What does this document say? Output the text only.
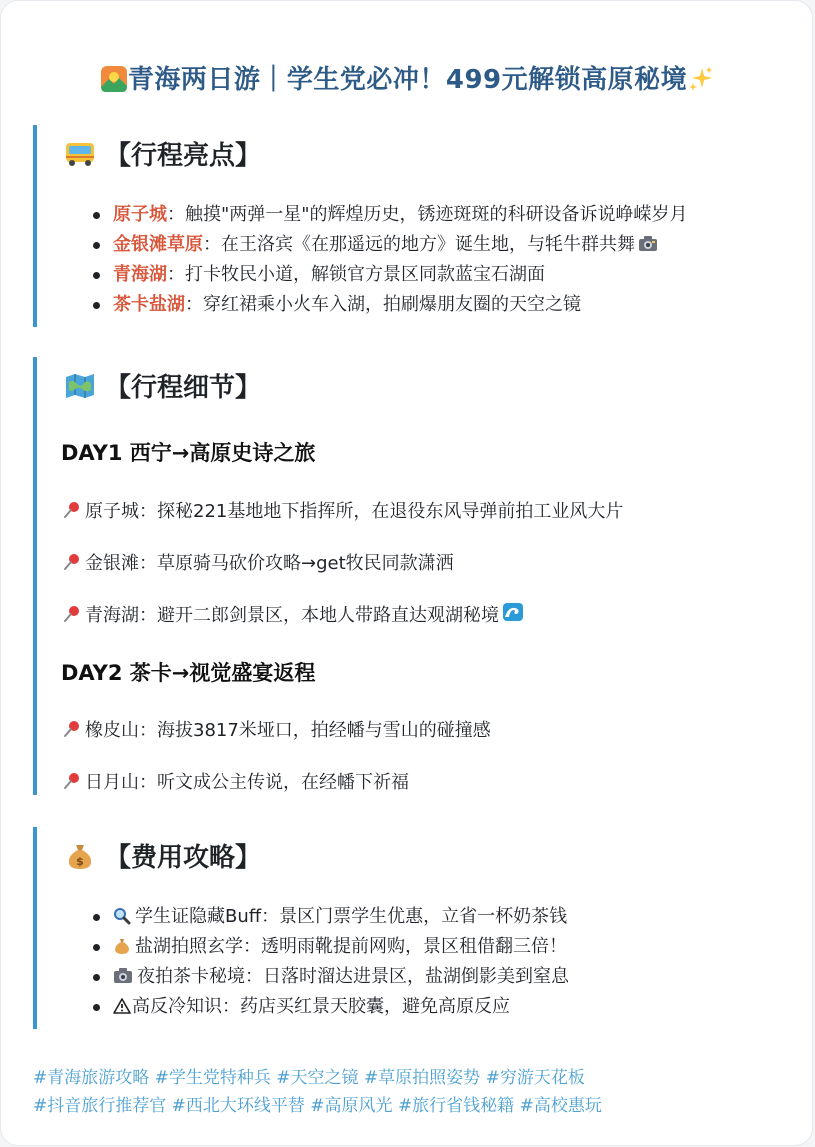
青海两日游｜学生党必冲！499元解锁高原秘境
【行程亮点】
原子城：触摸"两弹一星"的辉煌历史，锈迹斑斑的科研设备诉说峥嵘岁月
金银滩草原：在王洛宾《在那遥远的地方》诞生地，与牦牛群共舞
青海湖：打卡牧民小道，解锁官方景区同款蓝宝石湖面
茶卡盐湖：穿红裙乘小火车入湖，拍刷爆朋友圈的天空之镜
【行程细节】
DAY1 西宁→高原史诗之旅
原子城：探秘221基地地下指挥所，在退役东风导弹前拍工业风大片
金银滩：草原骑马砍价攻略→get牧民同款潇洒
青海湖：避开二郎剑景区，本地人带路直达观湖秘境
DAY2 茶卡→视觉盛宴返程
橡皮山：海拔3817米垭口，拍经幡与雪山的碰撞感
日月山：听文成公主传说，在经幡下祈福
$ 【费用攻略】
学生证隐藏Buff：景区门票学生优惠，立省一杯奶茶钱
盐湖拍照玄学：透明雨靴提前网购，景区租借翻三倍！
夜拍茶卡秘境：日落时溜达进景区，盐湖倒影美到窒息
高反冷知识：药店买红景天胶囊，避免高原反应
#青海旅游攻略 #学生党特种兵 #天空之镜 #草原拍照姿势 #穷游天花板
#抖音旅行推荐官 #西北大环线平替 #高原风光 #旅行省钱秘籍 #高校惠玩
